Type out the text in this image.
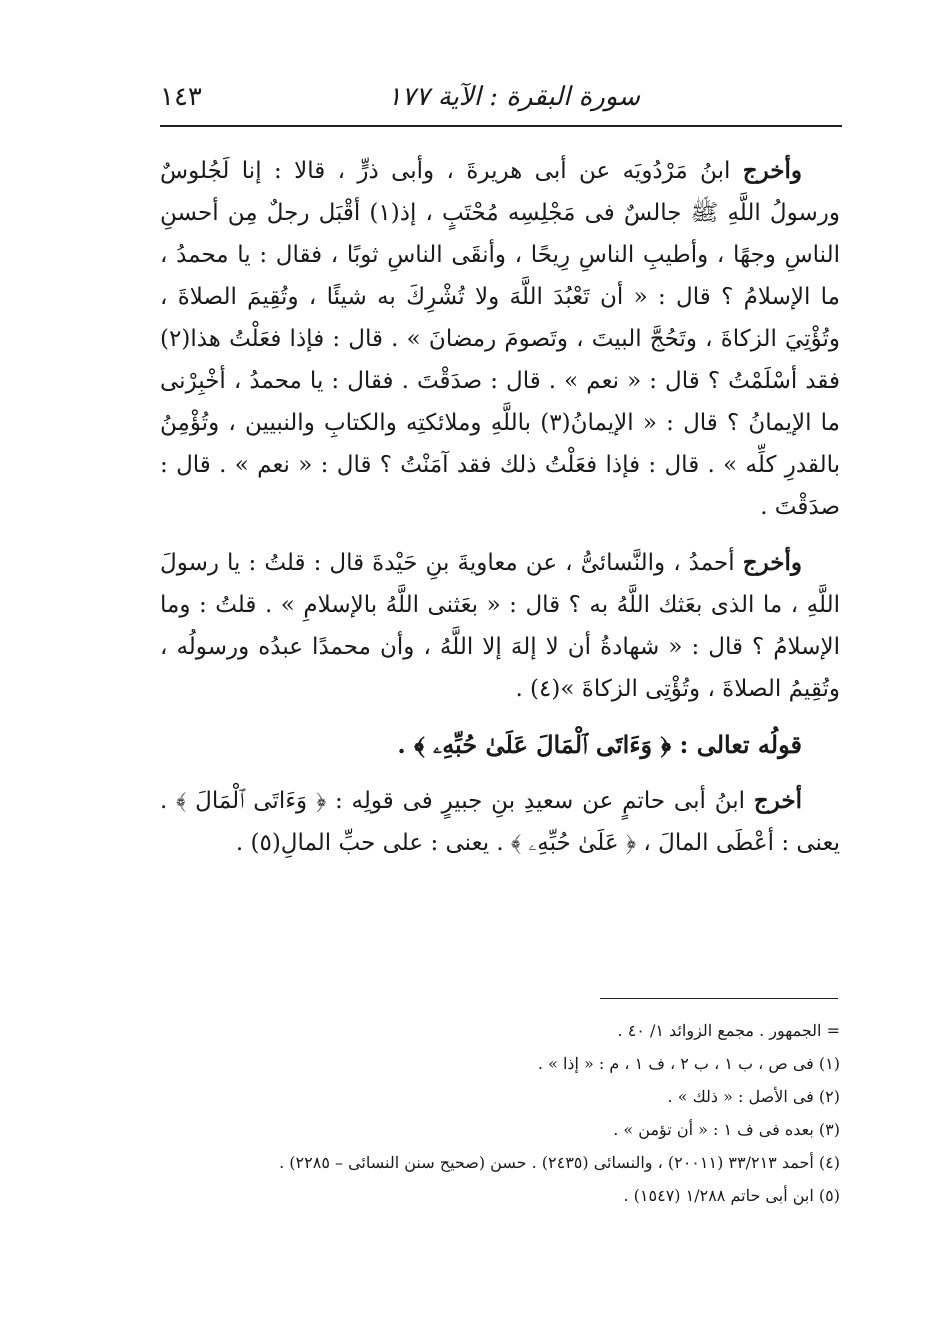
سورة البقرة : الآية ١٧٧
١٤٣

وأخرج ابنُ مَرْدُويَه عن أبى هريرةَ ، وأبى ذرٍّ ، قالا : إنا لَجُلوسٌ ورسولُ اللَّهِ ﷺ جالسٌ فى مَجْلِسِه مُحْتَبٍ ، إذ(١) أقْبَل رجلٌ مِن أحسنِ الناسِ وجهًا ، وأطيبِ الناسِ رِيحًا ، وأنقَى الناسِ ثوبًا ، فقال : يا محمدُ ، ما الإسلامُ ؟ قال : « أن تَعْبُدَ اللَّهَ ولا تُشْرِكَ به شيئًا ، وتُقِيمَ الصلاةَ ، وتُؤْتِيَ الزكاةَ ، وتَحُجَّ البيتَ ، وتَصومَ رمضانَ » . قال : فإذا فعَلْتُ هذا(٢) فقد أسْلَمْتُ ؟ قال : « نعم » . قال : صدَقْتَ . فقال : يا محمدُ ، أخْبِرْنى ما الإيمانُ ؟ قال : « الإيمانُ(٣) باللَّهِ وملائكتِه والكتابِ والنبيين ، وتُؤْمِنُ بالقدرِ كلِّه » . قال : فإذا فعَلْتُ ذلك فقد آمَنْتُ ؟ قال : « نعم » . قال : صدَقْتَ .

وأخرج أحمدُ ، والنَّسائىُّ ، عن معاويةَ بنِ حَيْدةَ قال : قلتُ : يا رسولَ اللَّهِ ، ما الذى بعَثك اللَّهُ به ؟ قال : « بعَثنى اللَّهُ بالإسلامِ » . قلتُ : وما الإسلامُ ؟ قال : « شهادةُ أن لا إلهَ إلا اللَّهُ ، وأن محمدًا عبدُه ورسولُه ، وتُقِيمُ الصلاةَ ، وتُؤْتِى الزكاةَ »(٤) .

قولُه تعالى : ﴿ وَءَاتَى ٱلْمَالَ عَلَىٰ حُبِّهِۦ ﴾ .

أخرج ابنُ أبى حاتمٍ عن سعيدِ بنِ جبيرٍ فى قولِه : ﴿ وَءَاتَى ٱلْمَالَ ﴾ . يعنى : أعْطَى المالَ ، ﴿ عَلَىٰ حُبِّهِۦ ﴾ . يعنى : على حبِّ المالِ(٥) .

= الجمهور . مجمع الزوائد ١/ ٤٠ .

(١) فى ص ، ب ١ ، ب ٢ ، ف ١ ، م : « إذا » .

(٢) فى الأصل : « ذلك » .

(٣) بعده فى ف ١ : « أن تؤمن » .

(٤) أحمد ٣٣/٢١٣ (٢٠٠١١) ، والنسائى (٢٤٣٥) . حسن (صحيح سنن النسائى – ٢٢٨٥) .

(٥) ابن أبى حاتم ١/٢٨٨ (١٥٤٧) .
